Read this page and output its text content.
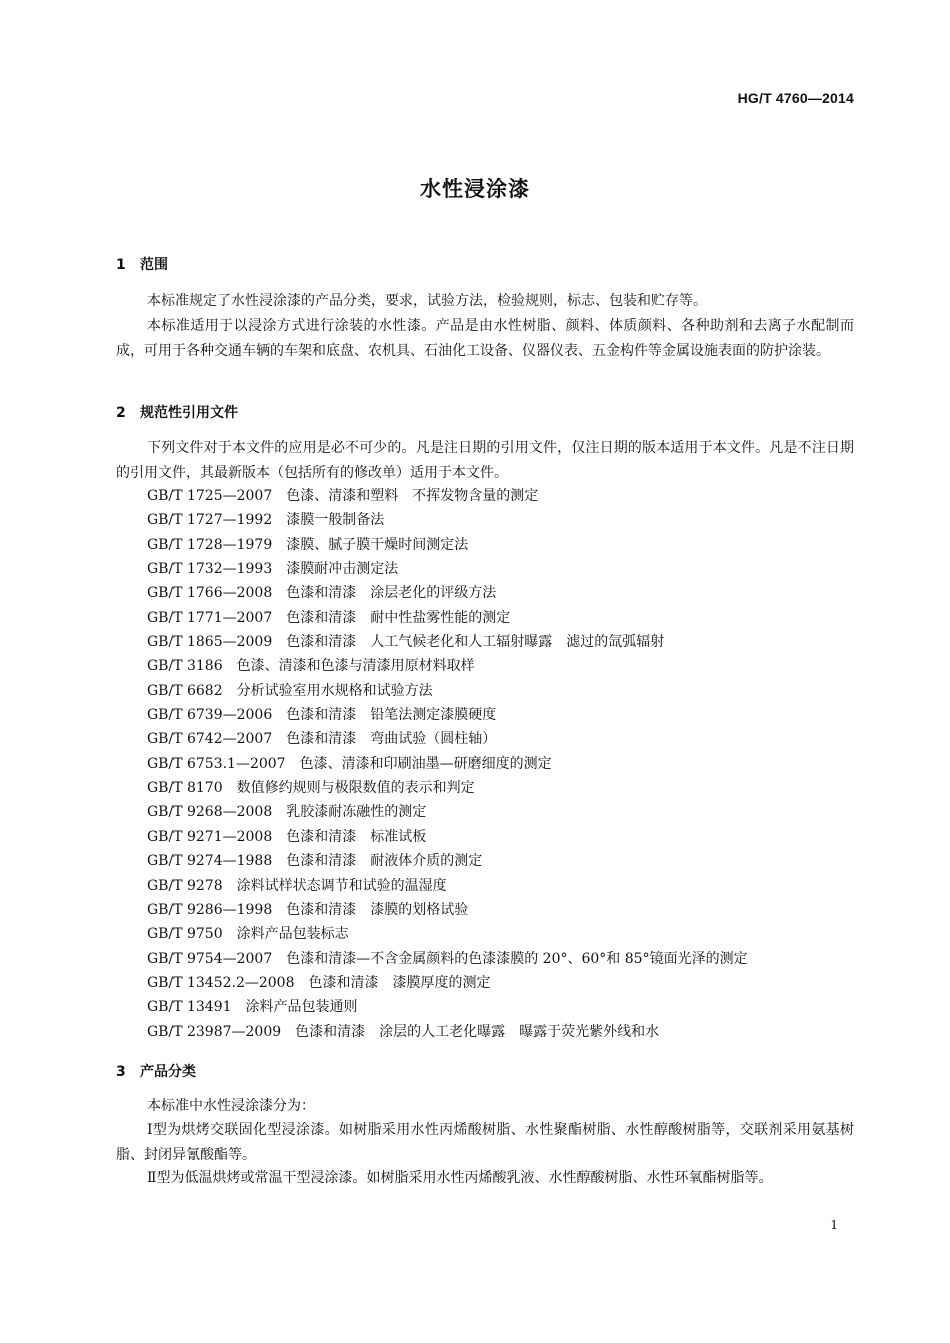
HG/T 4760—2014
水性浸涂漆
1 范围

本标准规定了水性浸涂漆的产品分类，要求，试验方法，检验规则，标志、包装和贮存等。

本标准适用于以浸涂方式进行涂装的水性漆。产品是由水性树脂、颜料、体质颜料、各种助剂和去离子水配制而成，可用于各种交通车辆的车架和底盘、农机具、石油化工设备、仪器仪表、五金构件等金属设施表面的防护涂装。

2 规范性引用文件

下列文件对于本文件的应用是必不可少的。凡是注日期的引用文件，仅注日期的版本适用于本文件。凡是不注日期的引用文件，其最新版本（包括所有的修改单）适用于本文件。

GB/T 1725—2007 色漆、清漆和塑料　不挥发物含量的测定
GB/T 1727—1992 漆膜一般制备法
GB/T 1728—1979 漆膜、腻子膜干燥时间测定法
GB/T 1732—1993 漆膜耐冲击测定法
GB/T 1766—2008 色漆和清漆　涂层老化的评级方法
GB/T 1771—2007 色漆和清漆　耐中性盐雾性能的测定
GB/T 1865—2009 色漆和清漆　人工气候老化和人工辐射曝露　滤过的氙弧辐射
GB/T 3186 色漆、清漆和色漆与清漆用原材料取样
GB/T 6682 分析试验室用水规格和试验方法
GB/T 6739—2006 色漆和清漆　铅笔法测定漆膜硬度
GB/T 6742—2007 色漆和清漆　弯曲试验（圆柱轴）
GB/T 6753.1—2007 色漆、清漆和印刷油墨—研磨细度的测定
GB/T 8170 数值修约规则与极限数值的表示和判定
GB/T 9268—2008 乳胶漆耐冻融性的测定
GB/T 9271—2008 色漆和清漆　标准试板
GB/T 9274—1988 色漆和清漆　耐液体介质的测定
GB/T 9278 涂料试样状态调节和试验的温湿度
GB/T 9286—1998 色漆和清漆　漆膜的划格试验
GB/T 9750 涂料产品包装标志
GB/T 9754—2007 色漆和清漆—不含金属颜料的色漆漆膜的 20°、60°和 85°镜面光泽的测定
GB/T 13452.2—2008 色漆和清漆　漆膜厚度的测定
GB/T 13491 涂料产品包装通则
GB/T 23987—2009 色漆和清漆　涂层的人工老化曝露　曝露于荧光紫外线和水
3 产品分类

本标准中水性浸涂漆分为：

Ⅰ型为烘烤交联固化型浸涂漆。如树脂采用水性丙烯酸树脂、水性聚酯树脂、水性醇酸树脂等，交联剂采用氨基树脂、封闭异氰酸酯等。

Ⅱ型为低温烘烤或常温干型浸涂漆。如树脂采用水性丙烯酸乳液、水性醇酸树脂、水性环氧酯树脂等。

1
